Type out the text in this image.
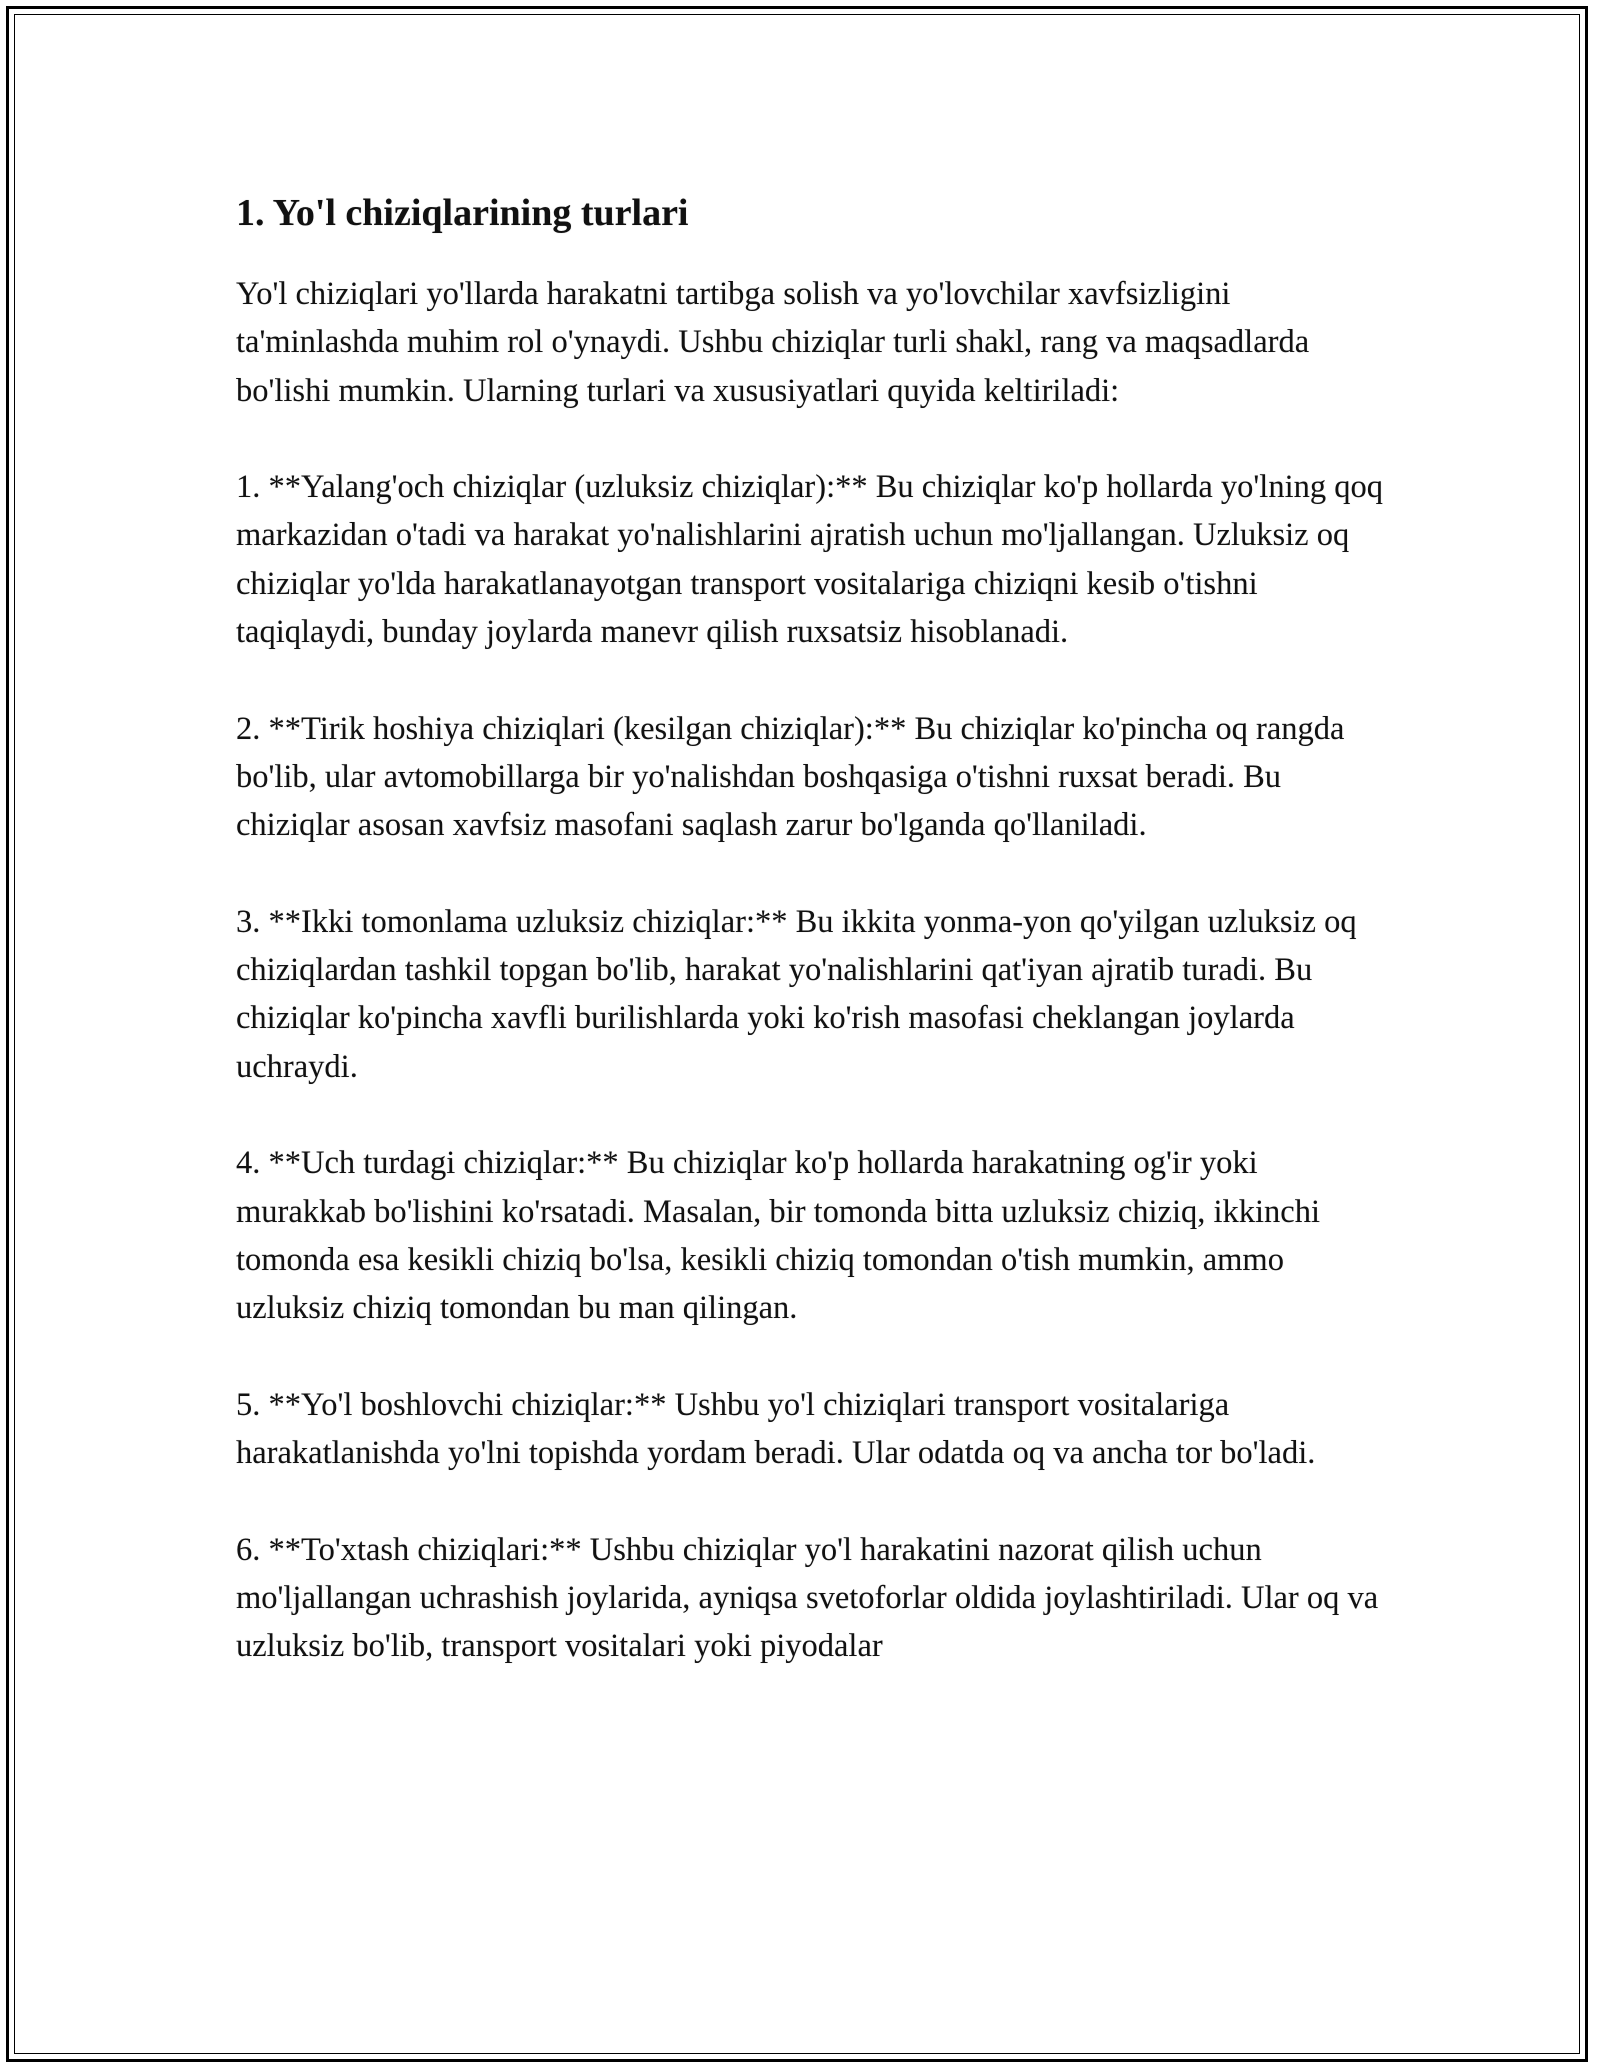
1. Yo'l chiziqlarining turlari

Yo'l chiziqlari yo'llarda harakatni tartibga solish va yo'lovchilar xavfsizligini ta'minlashda muhim rol o'ynaydi. Ushbu chiziqlar turli shakl, rang va maqsadlarda bo'lishi mumkin. Ularning turlari va xususiyatlari quyida keltiriladi:

1. **Yalang'och chiziqlar (uzluksiz chiziqlar):** Bu chiziqlar ko'p hollarda yo'lning qoq markazidan o'tadi va harakat yo'nalishlarini ajratish uchun mo'ljallangan. Uzluksiz oq chiziqlar yo'lda harakatlanayotgan transport vositalariga chiziqni kesib o'tishni taqiqlaydi, bunday joylarda manevr qilish ruxsatsiz hisoblanadi.

2. **Tirik hoshiya chiziqlari (kesilgan chiziqlar):** Bu chiziqlar ko'pincha oq rangda bo'lib, ular avtomobillarga bir yo'nalishdan boshqasiga o'tishni ruxsat beradi. Bu chiziqlar asosan xavfsiz masofani saqlash zarur bo'lganda qo'llaniladi.

3. **Ikki tomonlama uzluksiz chiziqlar:** Bu ikkita yonma-yon qo'yilgan uzluksiz oq chiziqlardan tashkil topgan bo'lib, harakat yo'nalishlarini qat'iyan ajratib turadi. Bu chiziqlar ko'pincha xavfli burilishlarda yoki ko'rish masofasi cheklangan joylarda uchraydi.

4. **Uch turdagi chiziqlar:** Bu chiziqlar ko'p hollarda harakatning og'ir yoki murakkab bo'lishini ko'rsatadi. Masalan, bir tomonda bitta uzluksiz chiziq, ikkinchi tomonda esa kesikli chiziq bo'lsa, kesikli chiziq tomondan o'tish mumkin, ammo uzluksiz chiziq tomondan bu man qilingan.

5. **Yo'l boshlovchi chiziqlar:** Ushbu yo'l chiziqlari transport vositalariga harakatlanishda yo'lni topishda yordam beradi. Ular odatda oq va ancha tor bo'ladi.

6. **To'xtash chiziqlari:** Ushbu chiziqlar yo'l harakatini nazorat qilish uchun mo'ljallangan uchrashish joylarida, ayniqsa svetoforlar oldida joylashtiriladi. Ular oq va uzluksiz bo'lib, transport vositalari yoki piyodalar
